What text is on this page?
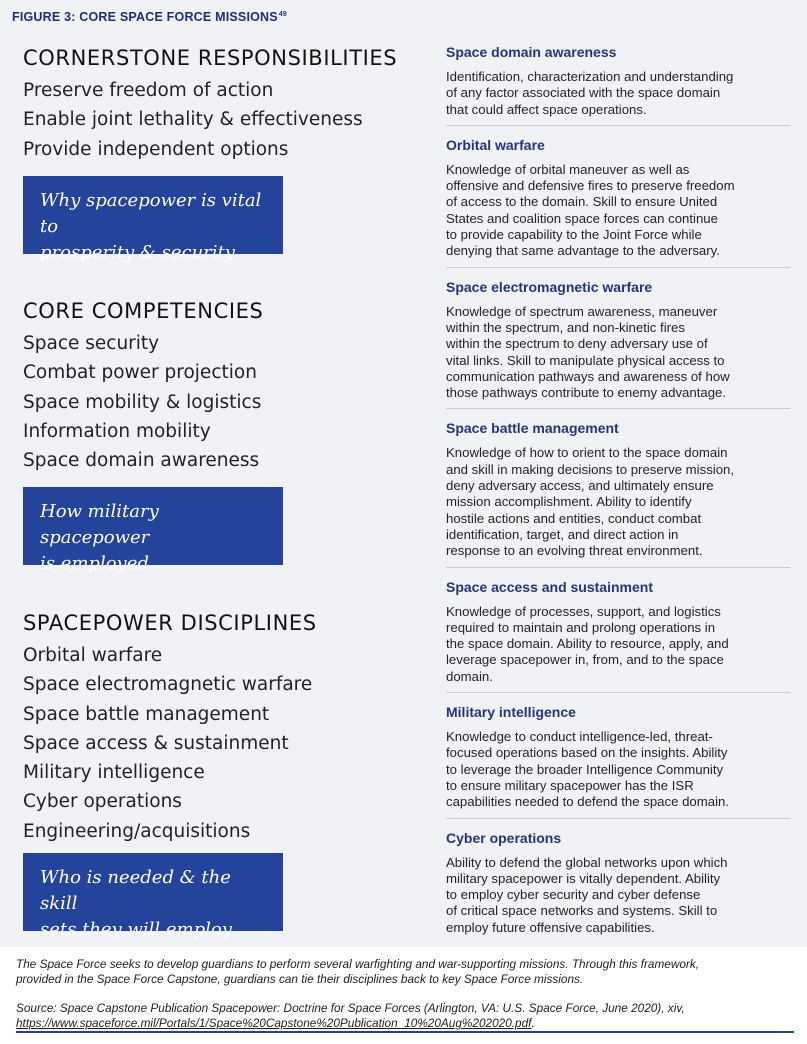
FIGURE 3: CORE SPACE FORCE MISSIONS$^{49}$
CORNERSTONE RESPONSIBILITIES
Preserve freedom of action
Enable joint lethality & effectiveness
Provide independent options
Why spacepower is vital to
prosperity & security
CORE COMPETENCIES
Space security
Combat power projection
Space mobility & logistics
Information mobility
Space domain awareness
How military spacepower
is employed
SPACEPOWER DISCIPLINES
Orbital warfare
Space electromagnetic warfare
Space battle management
Space access & sustainment
Military intelligence
Cyber operations
Engineering/acquisitions
Who is needed & the skill
sets they will employ
Space domain awareness
Identification, characterization and understanding
of any factor associated with the space domain
that could affect space operations.
Orbital warfare
Knowledge of orbital maneuver as well as
offensive and defensive fires to preserve freedom
of access to the domain. Skill to ensure United
States and coalition space forces can continue
to provide capability to the Joint Force while
denying that same advantage to the adversary.
Space electromagnetic warfare
Knowledge of spectrum awareness, maneuver
within the spectrum, and non-kinetic fires
within the spectrum to deny adversary use of
vital links. Skill to manipulate physical access to
communication pathways and awareness of how
those pathways contribute to enemy advantage.
Space battle management
Knowledge of how to orient to the space domain
and skill in making decisions to preserve mission,
deny adversary access, and ultimately ensure
mission accomplishment. Ability to identify
hostile actions and entities, conduct combat
identification, target, and direct action in
response to an evolving threat environment.
Space access and sustainment
Knowledge of processes, support, and logistics
required to maintain and prolong operations in
the space domain. Ability to resource, apply, and
leverage spacepower in, from, and to the space
domain.
Military intelligence
Knowledge to conduct intelligence-led, threat-
focused operations based on the insights. Ability
to leverage the broader Intelligence Community
to ensure military spacepower has the ISR
capabilities needed to defend the space domain.
Cyber operations
Ability to defend the global networks upon which
military spacepower is vitally dependent. Ability
to employ cyber security and cyber defense
of critical space networks and systems. Skill to
employ future offensive capabilities.
The Space Force seeks to develop guardians to perform several warfighting and war-supporting missions. Through this framework,
provided in the Space Force Capstone, guardians can tie their disciplines back to key Space Force missions.
Source: Space Capstone Publication Spacepower: Doctrine for Space Forces (Arlington, VA: U.S. Space Force, June 2020), xiv,
https://www.spaceforce.mil/Portals/1/Space%20Capstone%20Publication_10%20Aug%202020.pdf.
